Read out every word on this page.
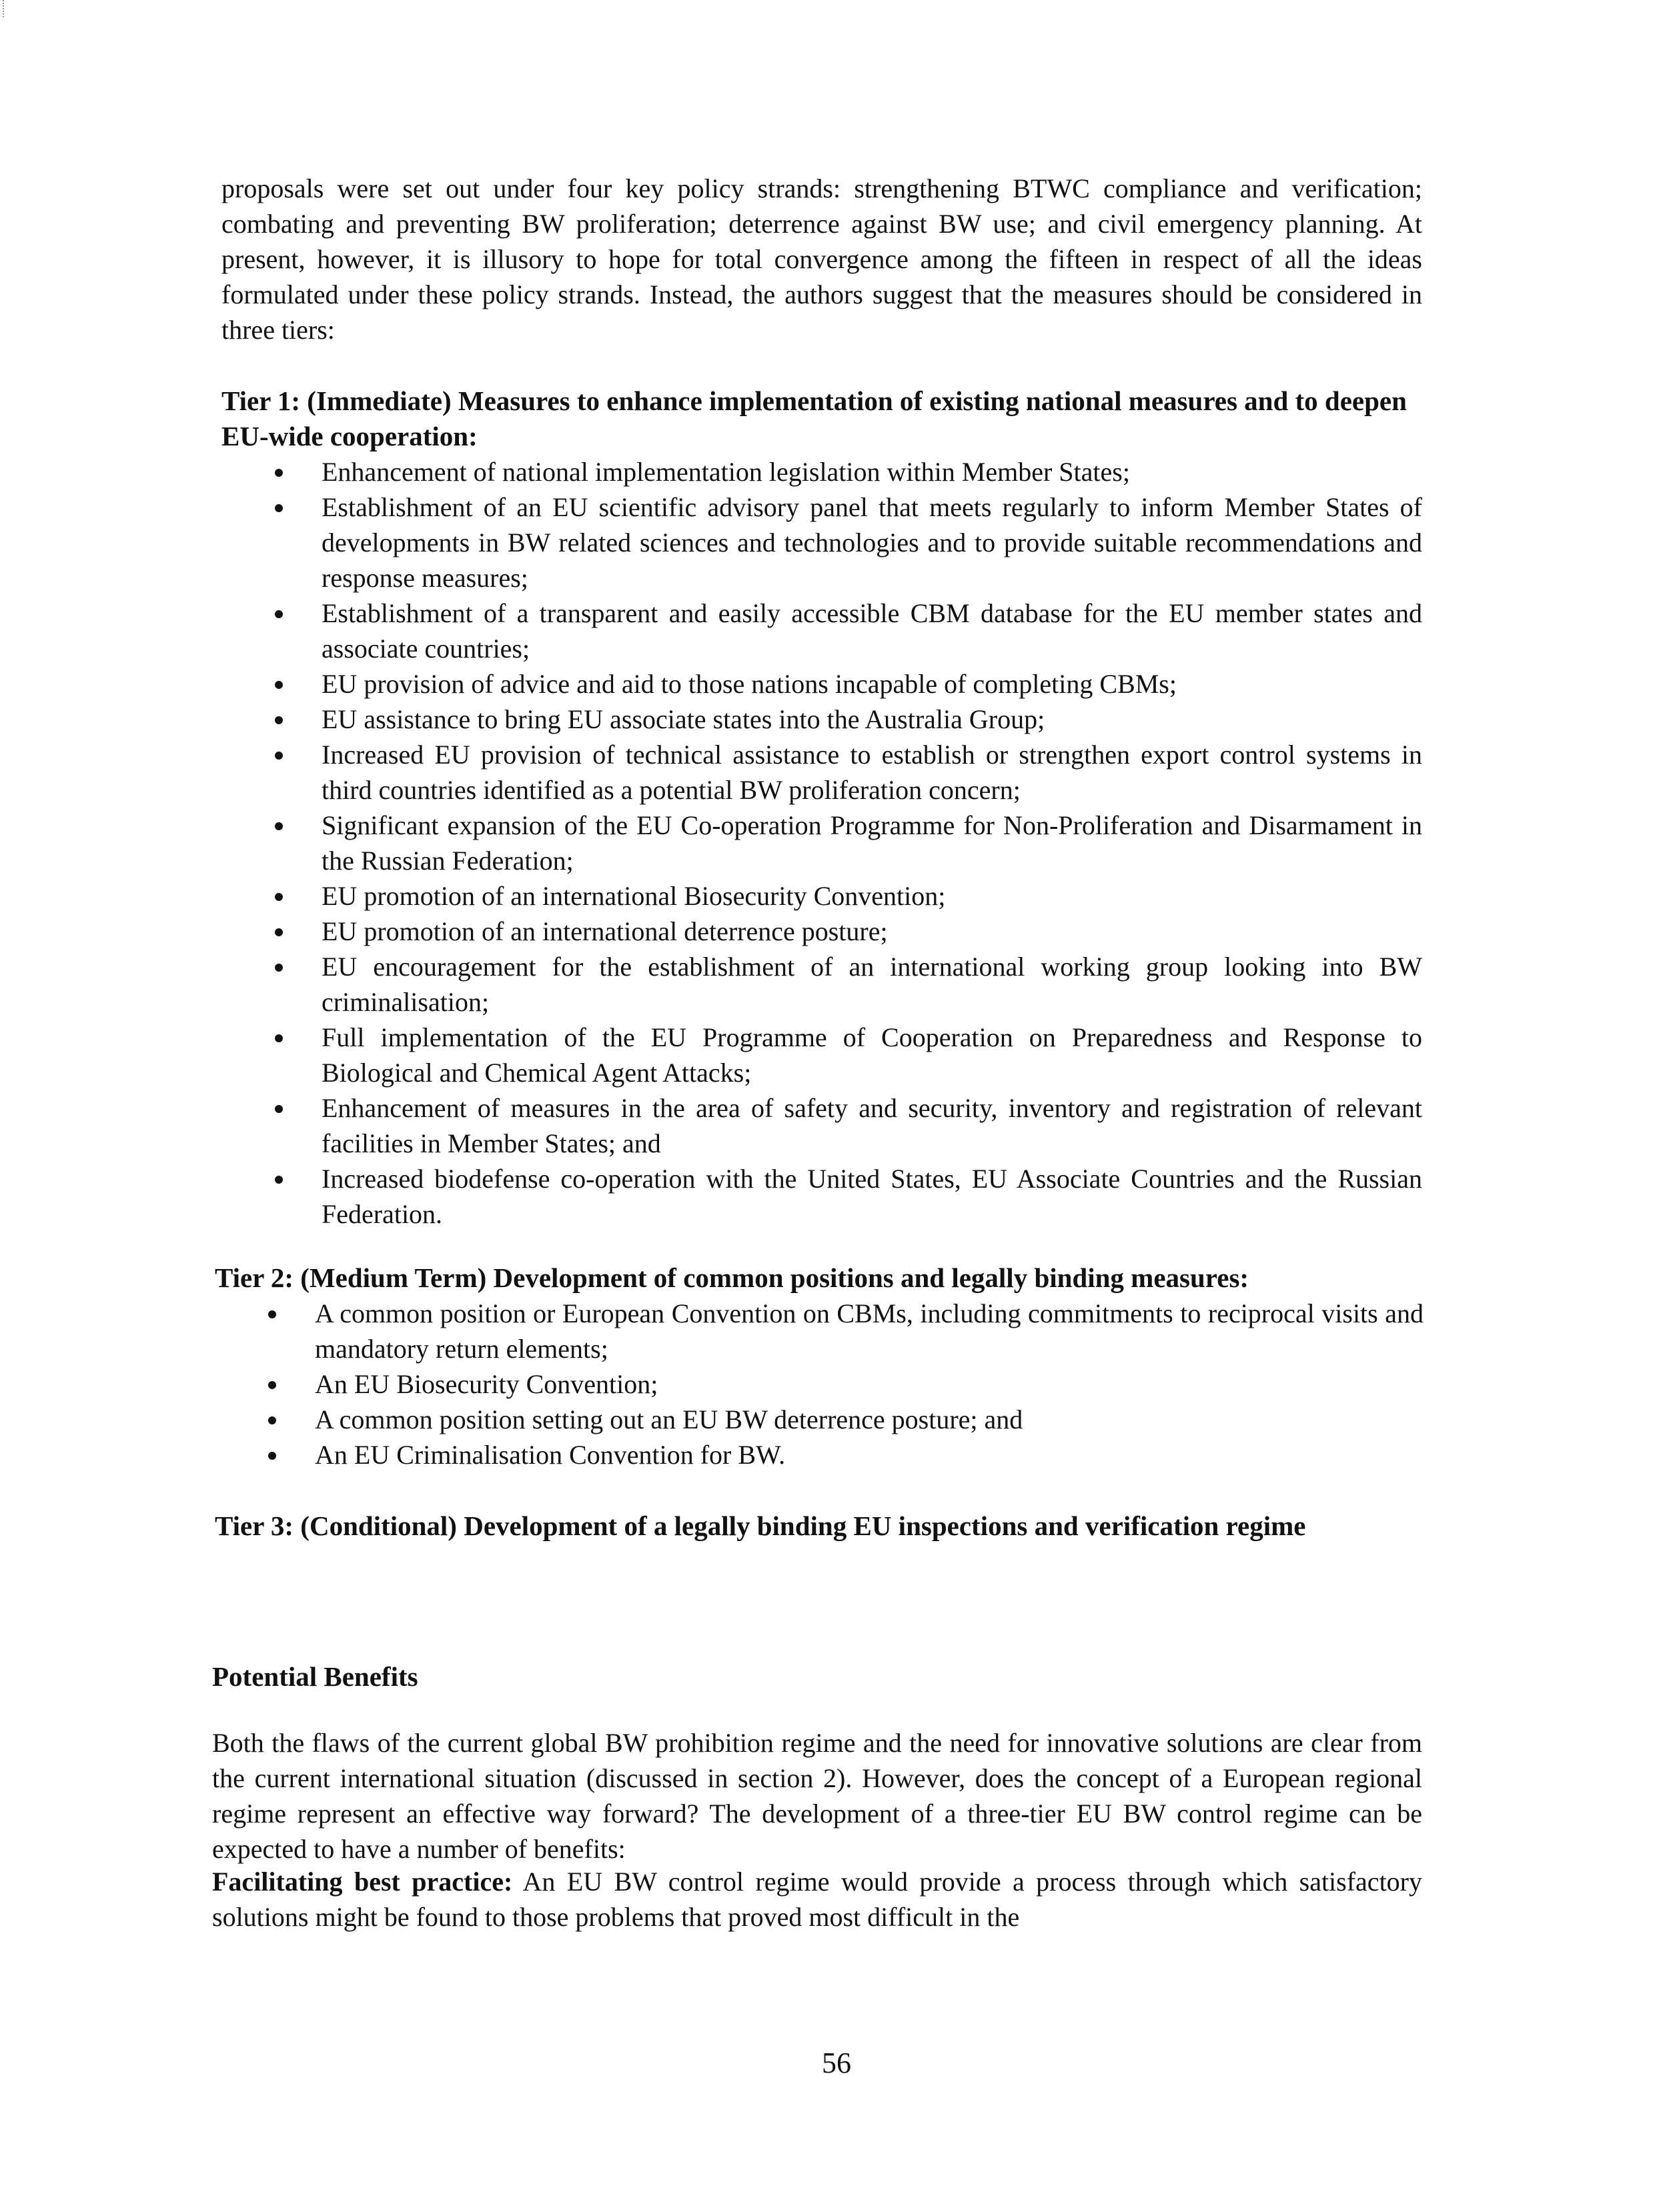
proposals were set out under four key policy strands: strengthening BTWC compliance and verification; combating and preventing BW proliferation; deterrence against BW use; and civil emergency planning. At present, however, it is illusory to hope for total convergence among the fifteen in respect of all the ideas formulated under these policy strands. Instead, the authors suggest that the measures should be considered in three tiers:

Tier 1: (Immediate) Measures to enhance implementation of existing national measures and to deepen EU-wide cooperation:

Enhancement of national implementation legislation within Member States;
Establishment of an EU scientific advisory panel that meets regularly to inform Member States of developments in BW related sciences and technologies and to provide suitable recommendations and response measures;
Establishment of a transparent and easily accessible CBM database for the EU member states and associate countries;
EU provision of advice and aid to those nations incapable of completing CBMs;
EU assistance to bring EU associate states into the Australia Group;
Increased EU provision of technical assistance to establish or strengthen export control systems in third countries identified as a potential BW proliferation concern;
Significant expansion of the EU Co-operation Programme for Non-Proliferation and Disarmament in the Russian Federation;
EU promotion of an international Biosecurity Convention;
EU promotion of an international deterrence posture;
EU encouragement for the establishment of an international working group looking into BW criminalisation;
Full implementation of the EU Programme of Cooperation on Preparedness and Response to Biological and Chemical Agent Attacks;
Enhancement of measures in the area of safety and security, inventory and registration of relevant facilities in Member States; and
Increased biodefense co-operation with the United States, EU Associate Countries and the Russian Federation.

Tier 2: (Medium Term) Development of common positions and legally binding measures:

A common position or European Convention on CBMs, including commitments to reciprocal visits and mandatory return elements;
An EU Biosecurity Convention;
A common position setting out an EU BW deterrence posture; and
An EU Criminalisation Convention for BW.

Tier 3: (Conditional) Development of a legally binding EU inspections and verification regime

Potential Benefits

Both the flaws of the current global BW prohibition regime and the need for innovative solutions are clear from the current international situation (discussed in section 2). However, does the concept of a European regional regime represent an effective way forward? The development of a three-tier EU BW control regime can be expected to have a number of benefits:

Facilitating best practice: An EU BW control regime would provide a process through which satisfactory solutions might be found to those problems that proved most difficult in the

56
